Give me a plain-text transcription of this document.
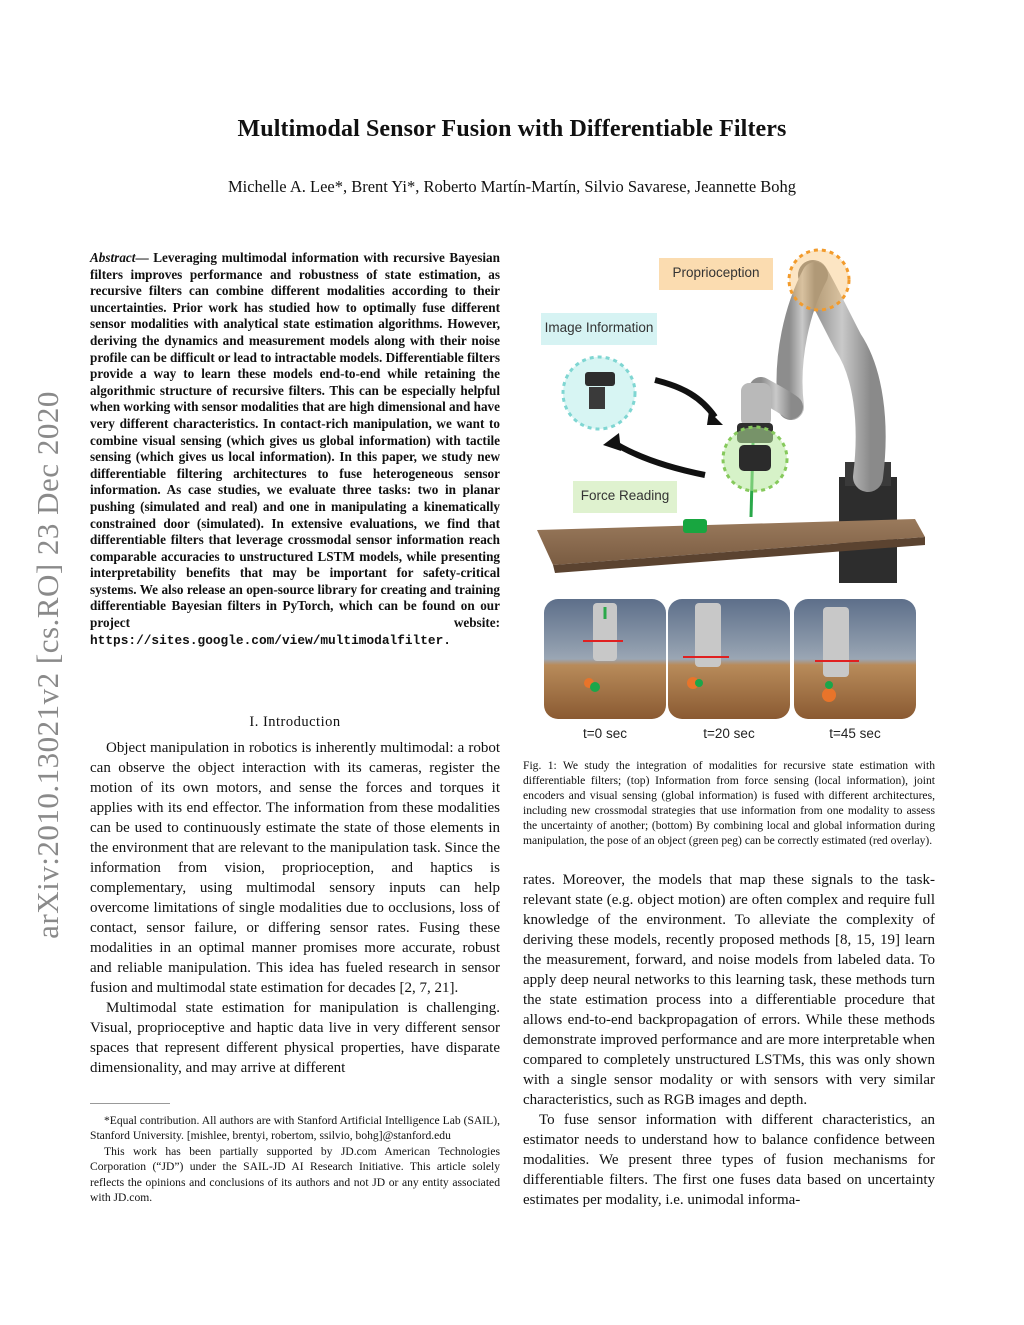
Multimodal Sensor Fusion with Differentiable Filters
Michelle A. Lee*, Brent Yi*, Roberto Martín-Martín, Silvio Savarese, Jeannette Bohg
arXiv:2010.13021v2 [cs.RO] 23 Dec 2020
Abstract— Leveraging multimodal information with recursive Bayesian filters improves performance and robustness of state estimation, as recursive filters can combine different modalities according to their uncertainties. Prior work has studied how to optimally fuse different sensor modalities with analytical state estimation algorithms. However, deriving the dynamics and measurement models along with their noise profile can be difficult or lead to intractable models. Differentiable filters provide a way to learn these models end-to-end while retaining the algorithmic structure of recursive filters. This can be especially helpful when working with sensor modalities that are high dimensional and have very different characteristics. In contact-rich manipulation, we want to combine visual sensing (which gives us global information) with tactile sensing (which gives us local information). In this paper, we study new differentiable filtering architectures to fuse heterogeneous sensor information. As case studies, we evaluate three tasks: two in planar pushing (simulated and real) and one in manipulating a kinematically constrained door (simulated). In extensive evaluations, we find that differentiable filters that leverage crossmodal sensor information reach comparable accuracies to unstructured LSTM models, while presenting interpretability benefits that may be important for safety-critical systems. We also release an open-source library for creating and training differentiable Bayesian filters in PyTorch, which can be found on our project website: https://sites.google.com/view/multimodalfilter.
I. Introduction

Object manipulation in robotics is inherently multimodal: a robot can observe the object interaction with its cameras, register the motion of its own motors, and sense the forces and torques it applies with its end effector. The information from these modalities can be used to continuously estimate the state of those elements in the environment that are relevant to the manipulation task. Since the information from vision, proprioception, and haptics is complementary, using multimodal sensory inputs can help overcome limitations of single modalities due to occlusions, loss of contact, sensor failure, or differing sensor rates. Fusing these modalities in an optimal manner promises more accurate, robust and reliable manipulation. This idea has fueled research in sensor fusion and multimodal state estimation for decades [2, 7, 21].

Multimodal state estimation for manipulation is challenging. Visual, proprioceptive and haptic data live in very different sensor spaces that represent different physical properties, have disparate dimensionality, and may arrive at different

*Equal contribution. All authors are with Stanford Artificial Intelligence Lab (SAIL), Stanford University. [mishlee, brentyi, robertom, ssilvio, bohg]@stanford.edu

This work has been partially supported by JD.com American Technologies Corporation (“JD”) under the SAIL-JD AI Research Initiative. This article solely reflects the opinions and conclusions of its authors and not JD or any entity associated with JD.com.

Proprioception
Image Information
Force Reading
t=0 sec	t=20 sec	t=45 sec
Fig. 1: We study the integration of modalities for recursive state estimation with differentiable filters; (top) Information from force sensing (local information), joint encoders and visual sensing (global information) is fused with different architectures, including new crossmodal strategies that use information from one modality to assess the uncertainty of another; (bottom) By combining local and global information during manipulation, the pose of an object (green peg) can be correctly estimated (red overlay).

rates. Moreover, the models that map these signals to the task-relevant state (e.g. object motion) are often complex and require full knowledge of the environment. To alleviate the complexity of deriving these models, recently proposed methods [8, 15, 19] learn the measurement, forward, and noise models from labeled data. To apply deep neural networks to this learning task, these methods turn the state estimation process into a differentiable procedure that allows end-to-end backpropagation of errors. While these methods demonstrate improved performance and are more interpretable when compared to completely unstructured LSTMs, this was only shown with a single sensor modality or with sensors with very similar characteristics, such as RGB images and depth.

To fuse sensor information with different characteristics, an estimator needs to understand how to balance confidence between modalities. We present three types of fusion mechanisms for differentiable filters. The first one fuses data based on uncertainty estimates per modality, i.e. unimodal informa-
